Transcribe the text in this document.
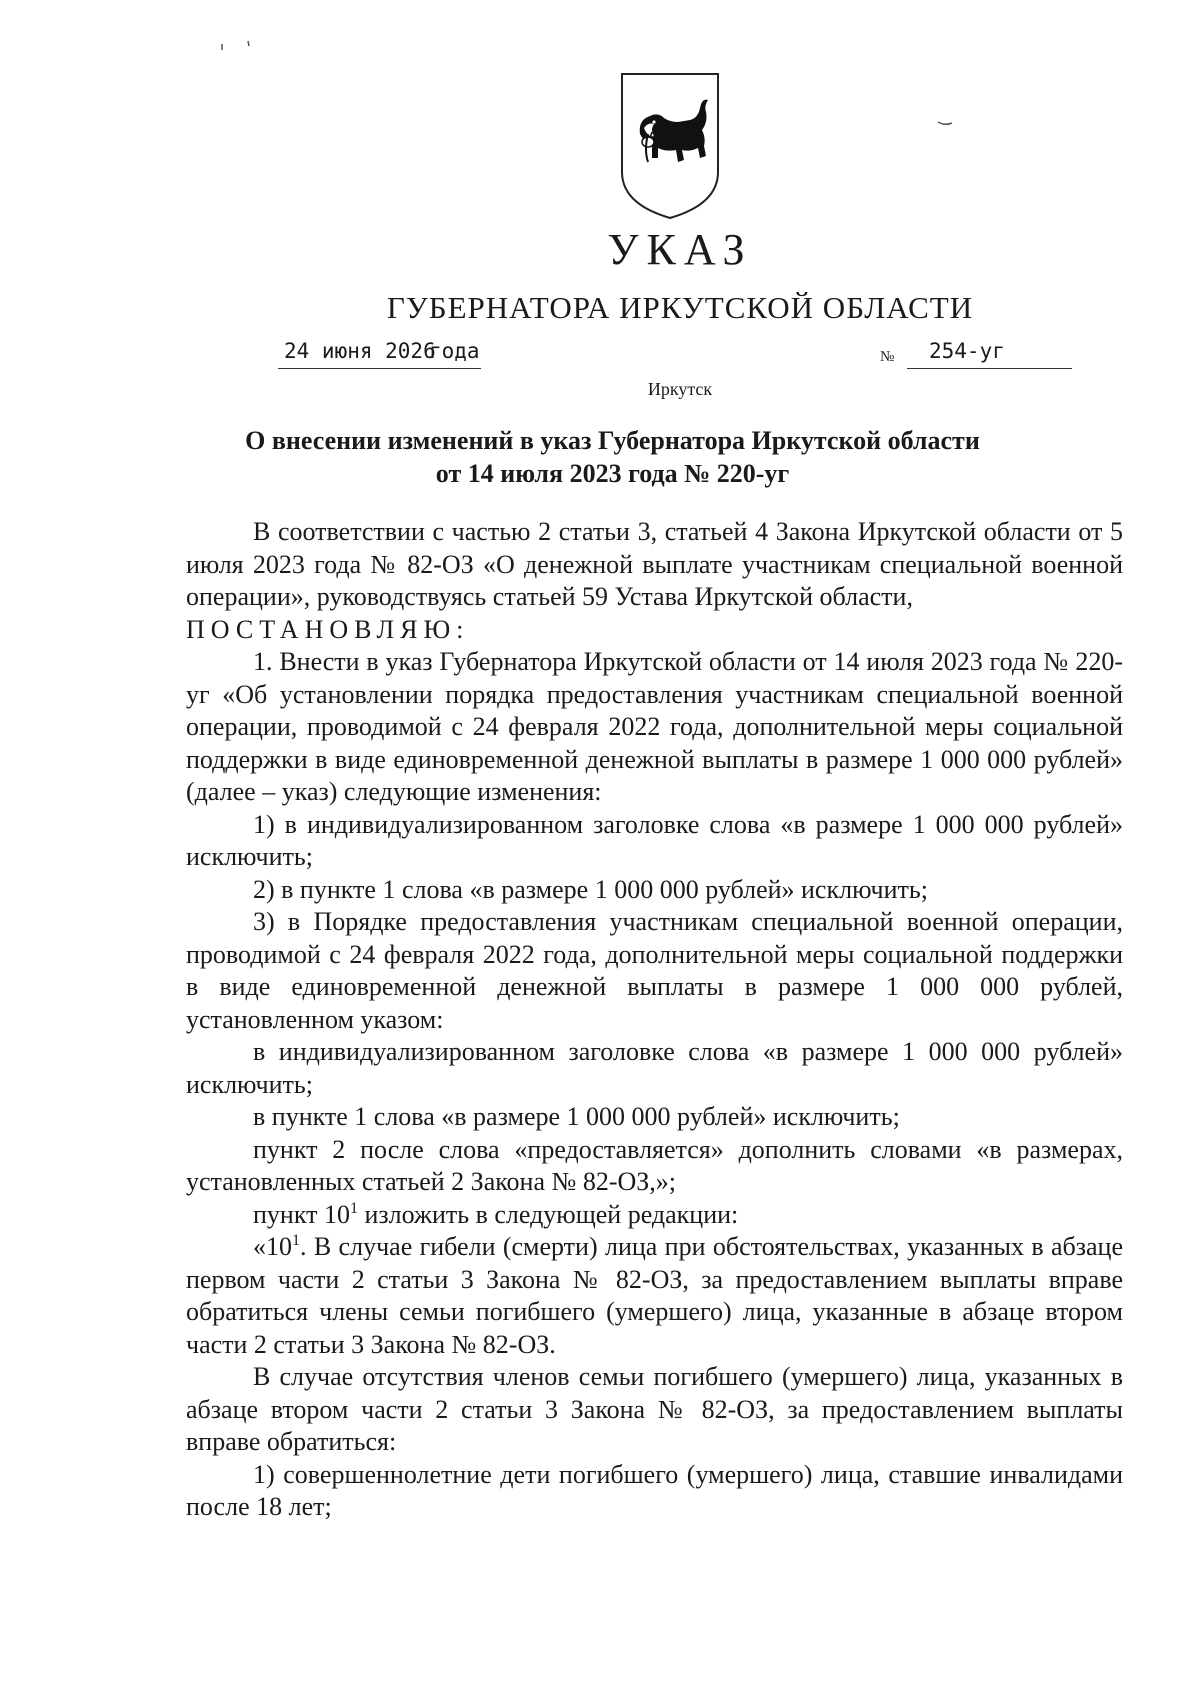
УКАЗ
ГУБЕРНАТОРА ИРКУТСКОЙ ОБЛАСТИ
24 июня 2026
года	№	254-уг
Иркутск
О внесении изменений в указ Губернатора Иркутской области
от 14 июля 2023 года № 220-уг

В соответствии с частью 2 статьи 3, статьей 4 Закона Иркутской области от 5 июля 2023 года № 82-ОЗ «О денежной выплате участникам специальной военной операции», руководствуясь статьей 59 Устава Иркутской области,

ПОСТАНОВЛЯЮ:

1. Внести в указ Губернатора Иркутской области от 14 июля 2023 года № 220-уг «Об установлении порядка предоставления участникам специальной военной операции, проводимой с 24 февраля 2022 года, дополнительной меры социальной поддержки в виде единовременной денежной выплаты в размере 1 000 000 рублей» (далее – указ) следующие изменения:

1) в индивидуализированном заголовке слова «в размере 1 000 000 рублей» исключить;

2) в пункте 1 слова «в размере 1 000 000 рублей» исключить;

3) в Порядке предоставления участникам специальной военной операции, проводимой с 24 февраля 2022 года, дополнительной меры социальной поддержки в виде единовременной денежной выплаты в размере 1 000 000 рублей, установленном указом:

в индивидуализированном заголовке слова «в размере 1 000 000 рублей» исключить;

в пункте 1 слова «в размере 1 000 000 рублей» исключить;

пункт 2 после слова «предоставляется» дополнить словами «в размерах, установленных статьей 2 Закона № 82-ОЗ,»;

пункт $10^1$ изложить в следующей редакции:

«$10^1$. В случае гибели (смерти) лица при обстоятельствах, указанных в абзаце первом части 2 статьи 3 Закона № 82-ОЗ, за предоставлением выплаты вправе обратиться члены семьи погибшего (умершего) лица, указанные в абзаце втором части 2 статьи 3 Закона № 82-ОЗ.

В случае отсутствия членов семьи погибшего (умершего) лица, указанных в абзаце втором части 2 статьи 3 Закона № 82-ОЗ, за предоставлением выплаты вправе обратиться:

1) совершеннолетние дети погибшего (умершего) лица, ставшие инвалидами после 18 лет;
